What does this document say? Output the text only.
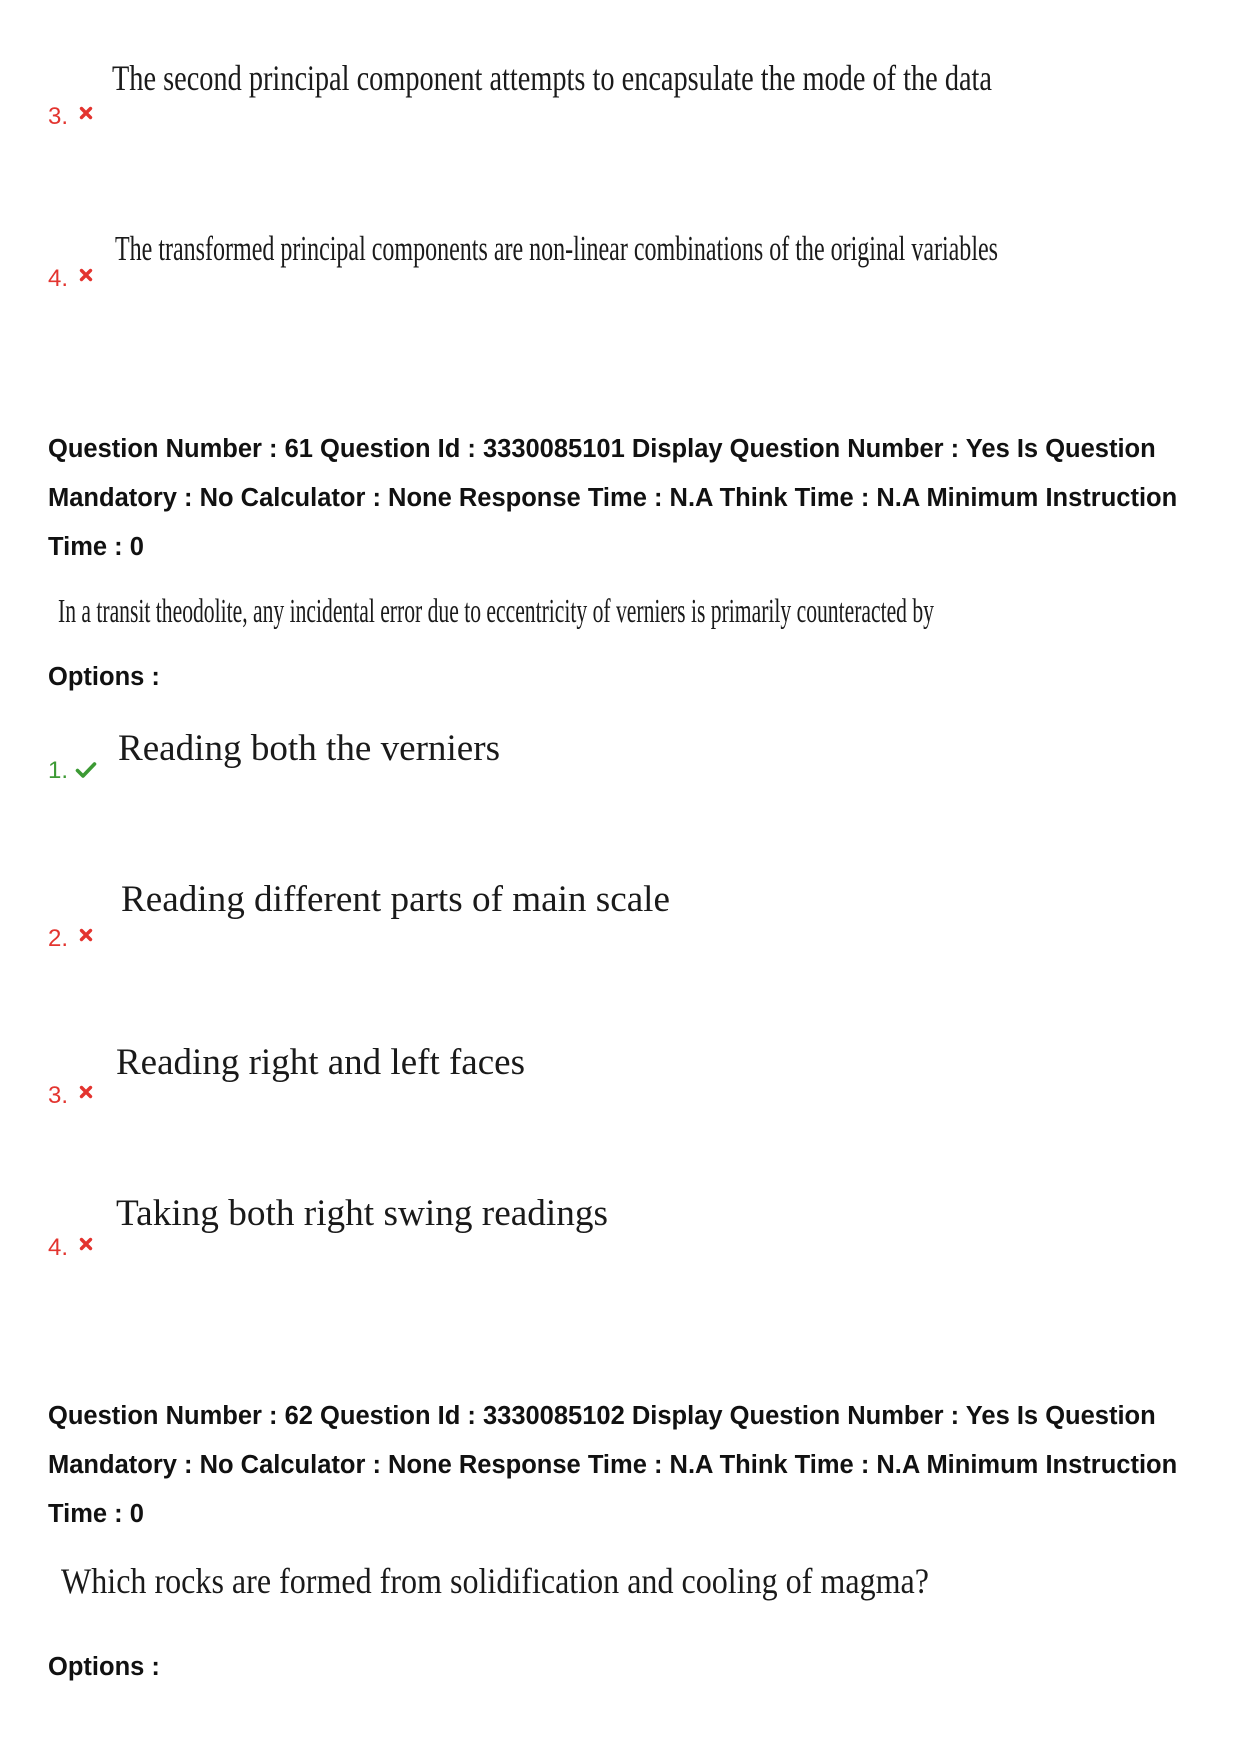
The second principal component attempts to encapsulate the mode of the data
3.
The transformed principal components are non-linear combinations of the original variables
4.
Question Number : 61 Question Id : 3330085101 Display Question Number : Yes Is Question
Mandatory : No Calculator : None Response Time : N.A Think Time : N.A Minimum Instruction
Time : 0
In a transit theodolite, any incidental error due to eccentricity of verniers is primarily counteracted by
Options :
Reading both the verniers
1.
Reading different parts of main scale
2.
Reading right and left faces
3.
Taking both right swing readings
4.
Question Number : 62 Question Id : 3330085102 Display Question Number : Yes Is Question
Mandatory : No Calculator : None Response Time : N.A Think Time : N.A Minimum Instruction
Time : 0
Which rocks are formed from solidification and cooling of magma?
Options :
